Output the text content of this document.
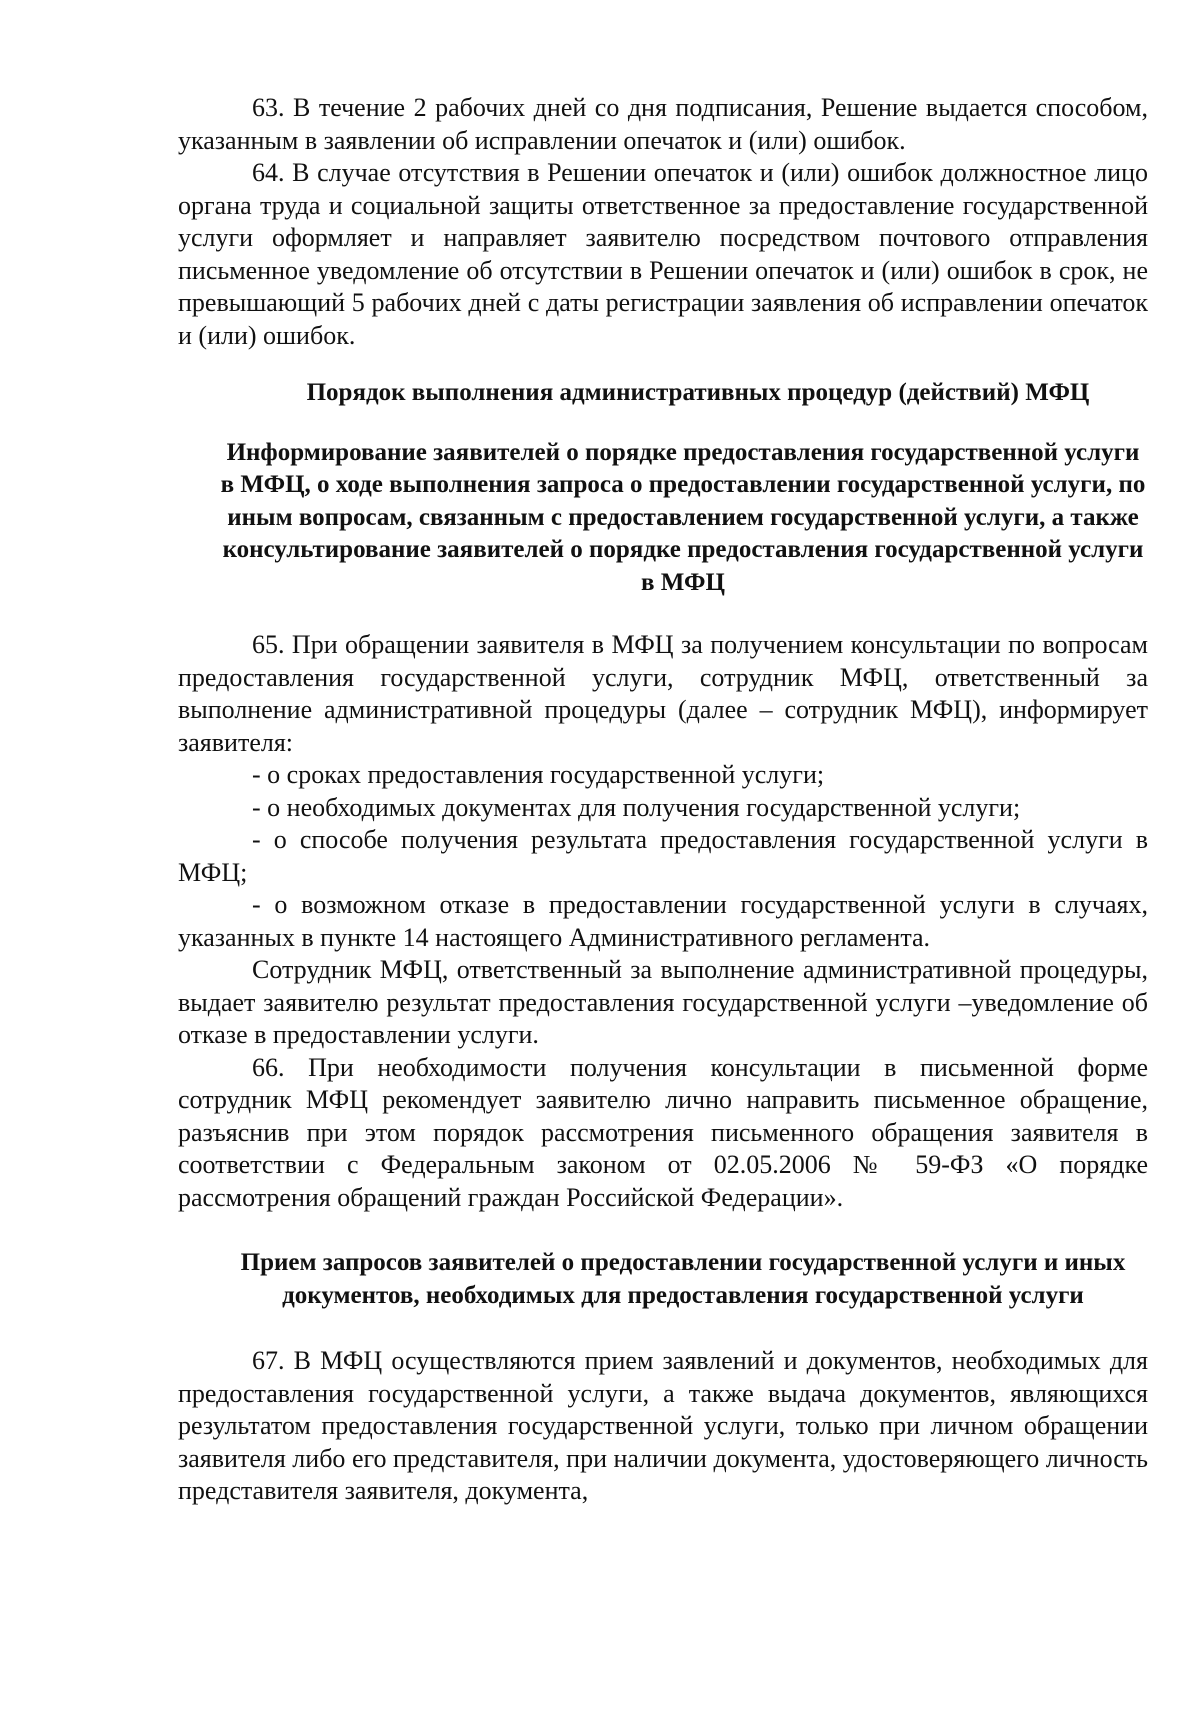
63. В течение 2 рабочих дней со дня подписания, Решение выдается способом, указанным в заявлении об исправлении опечаток и (или) ошибок.

64. В случае отсутствия в Решении опечаток и (или) ошибок должностное лицо органа труда и социальной защиты ответственное за предоставление государственной услуги оформляет и направляет заявителю посредством почтового отправления письменное уведомление об отсутствии в Решении опечаток и (или) ошибок в срок, не превышающий 5 рабочих дней с даты регистрации заявления об исправлении опечаток и (или) ошибок.

Порядок выполнения административных процедур (действий) МФЦ

Информирование заявителей о порядке предоставления государственной услуги в МФЦ, о ходе выполнения запроса о предоставлении государственной услуги, по иным вопросам, связанным с предоставлением государственной услуги, а также консультирование заявителей о порядке предоставления государственной услуги в МФЦ

65. При обращении заявителя в МФЦ за получением консультации по вопросам предоставления государственной услуги, сотрудник МФЦ, ответственный за выполнение административной процедуры (далее – сотрудник МФЦ), информирует заявителя:

- о сроках предоставления государственной услуги;

- о необходимых документах для получения государственной услуги;

- о способе получения результата предоставления государственной услуги в МФЦ;

- о возможном отказе в предоставлении государственной услуги в случаях, указанных в пункте 14 настоящего Административного регламента.

Сотрудник МФЦ, ответственный за выполнение административной процедуры, выдает заявителю результат предоставления государственной услуги –уведомление об отказе в предоставлении услуги.

66. При необходимости получения консультации в письменной форме сотрудник МФЦ рекомендует заявителю лично направить письменное обращение, разъяснив при этом порядок рассмотрения письменного обращения заявителя в соответствии с Федеральным законом от 02.05.2006 № 59-ФЗ «О порядке рассмотрения обращений граждан Российской Федерации».

Прием запросов заявителей о предоставлении государственной услуги и иных документов, необходимых для предоставления государственной услуги

67. В МФЦ осуществляются прием заявлений и документов, необходимых для предоставления государственной услуги, а также выдача документов, являющихся результатом предоставления государственной услуги, только при личном обращении заявителя либо его представителя, при наличии документа, удостоверяющего личность представителя заявителя, документа,
